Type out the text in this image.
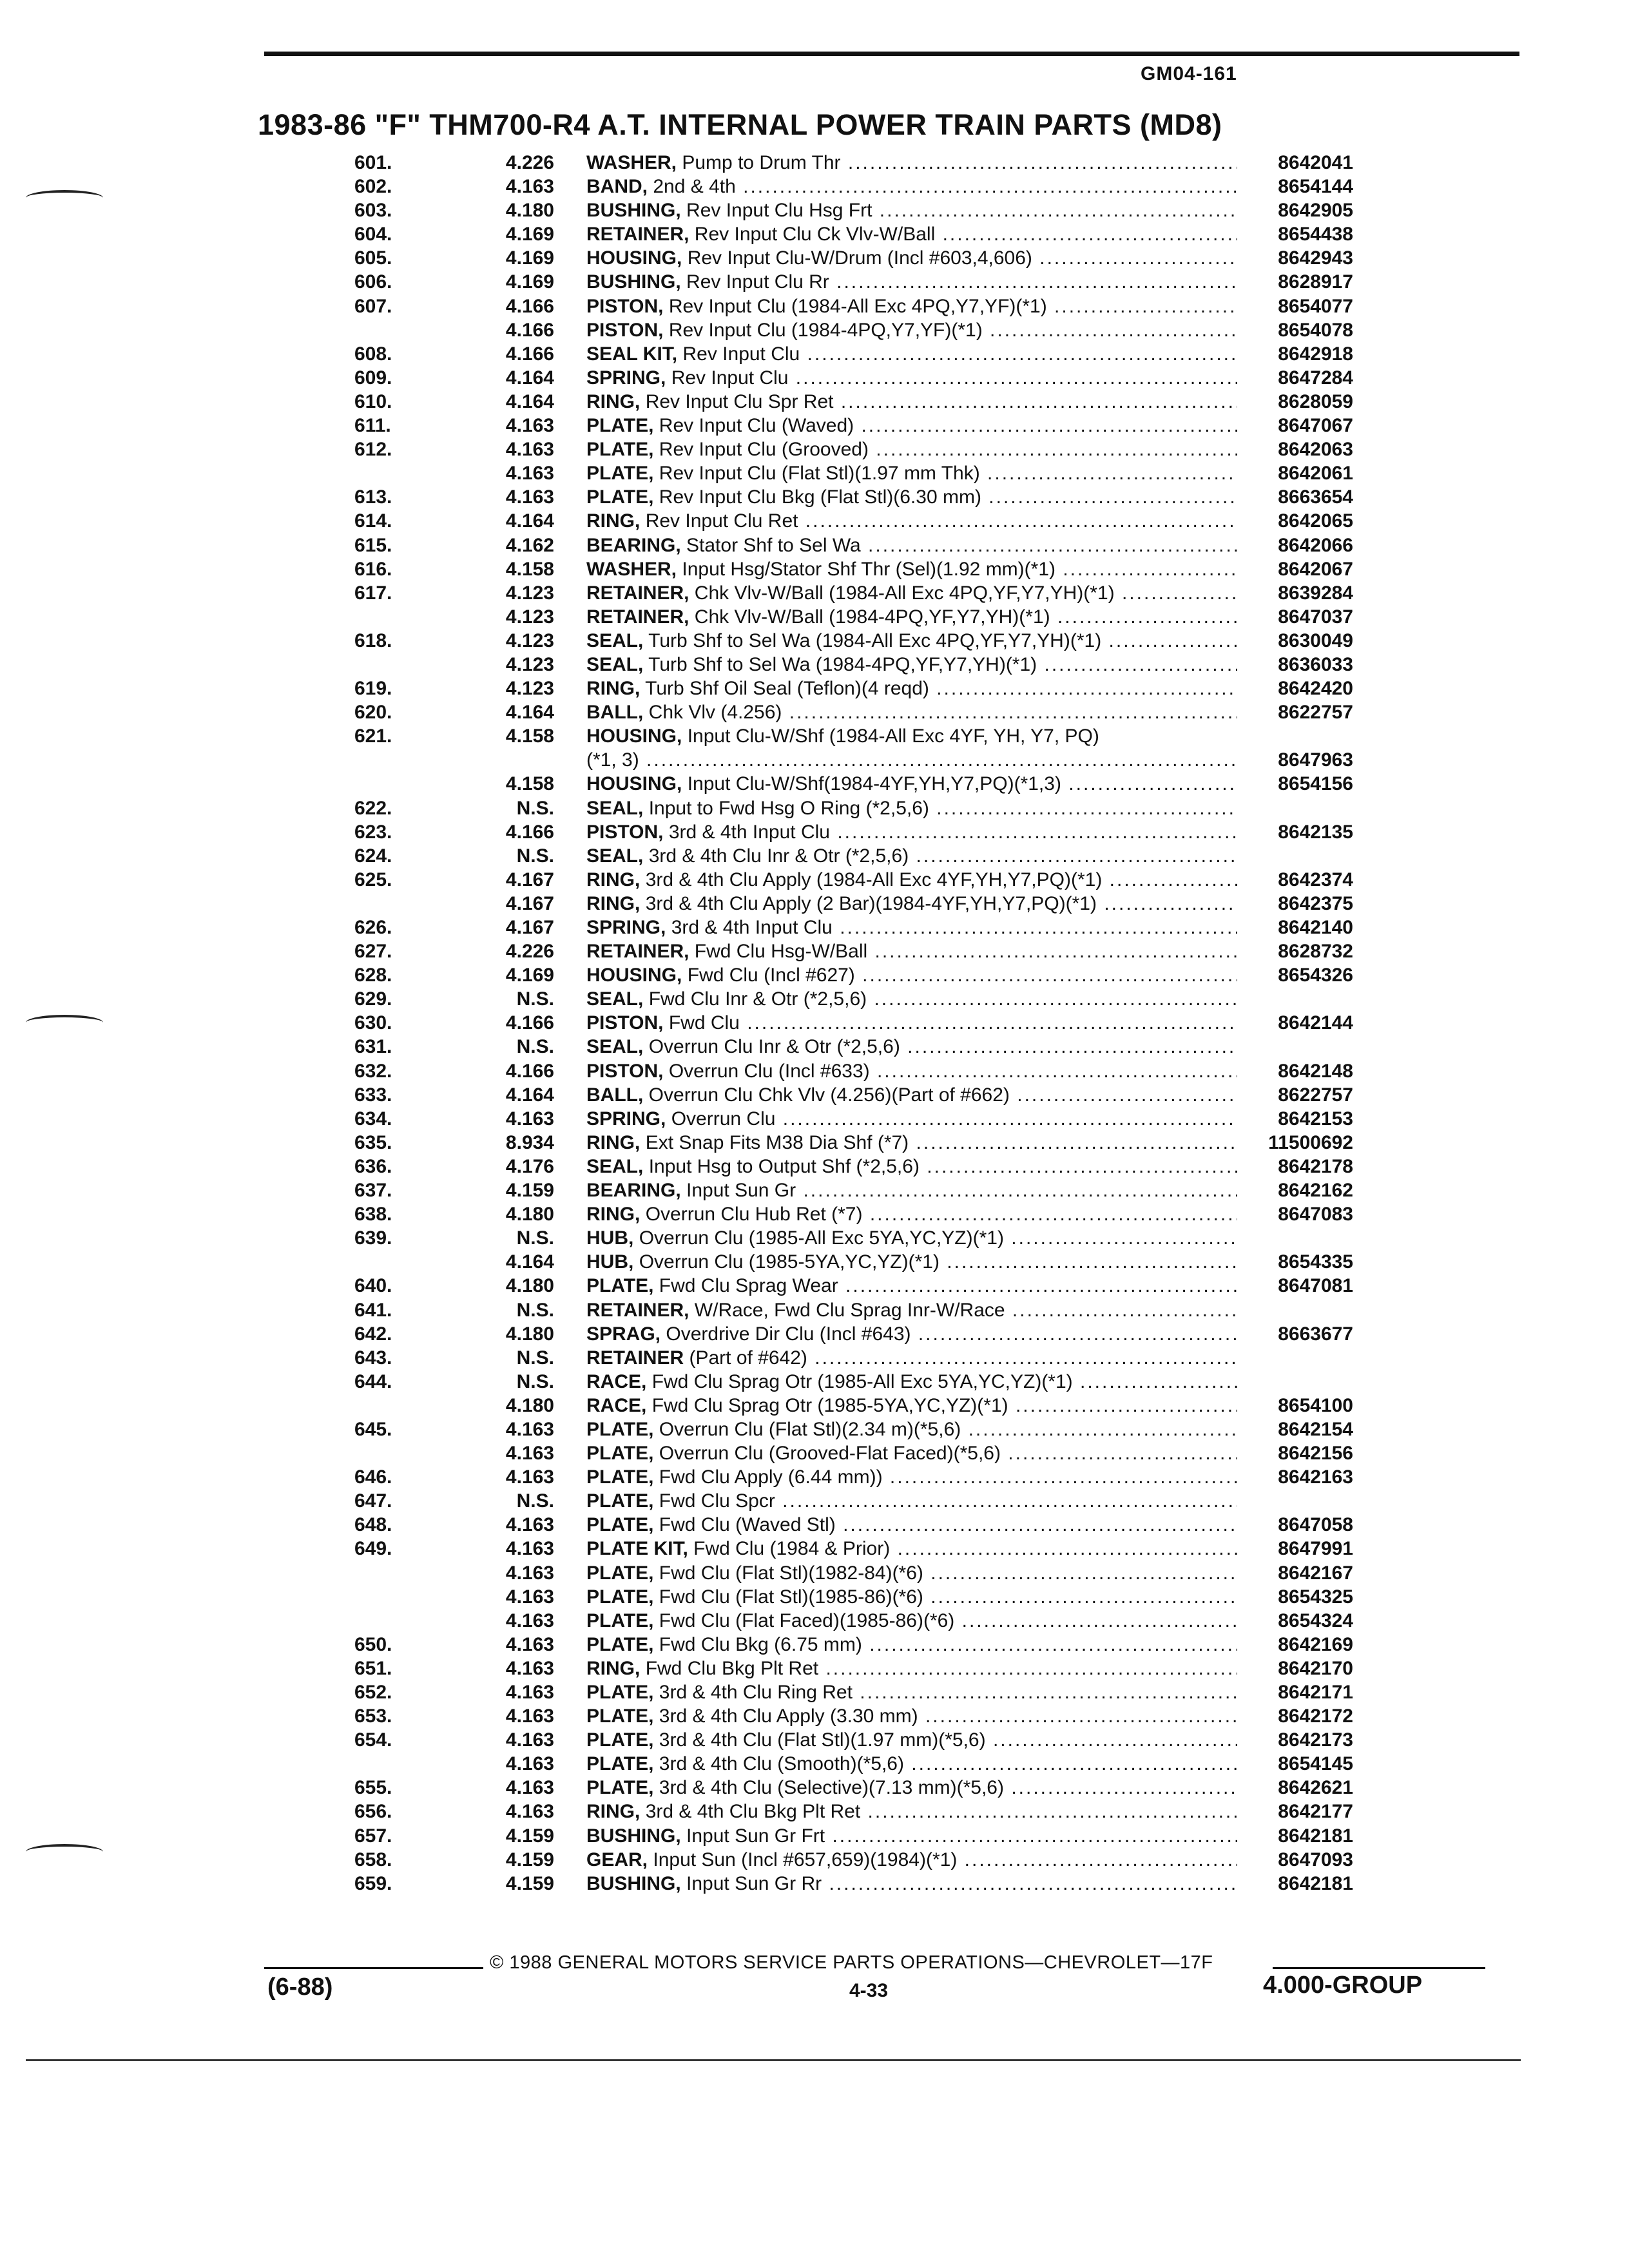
GM04-161
1983-86 "F" THM700-R4 A.T. INTERNAL POWER TRAIN PARTS (MD8)
601.	4.226 WASHER, Pump to Drum Thr .....	8642041
602.	4.163 BAND, 2nd & 4th .....	8654144
603.	4.180 BUSHING, Rev Input Clu Hsg Frt .....	8642905
604.	4.169 RETAINER, Rev Input Clu Ck Vlv-W/Ball .....	8654438
605.	4.169 HOUSING, Rev Input Clu-W/Drum (Incl #603,4,606) .....	8642943
606.	4.169 BUSHING, Rev Input Clu Rr .....	8628917
607.	4.166 PISTON, Rev Input Clu (1984-All Exc 4PQ,Y7,YF)(*1) .....	8654077
4.166 PISTON, Rev Input Clu (1984-4PQ,Y7,YF)(*1) .....	8654078
608.	4.166 SEAL KIT, Rev Input Clu .....	8642918
609.	4.164 SPRING, Rev Input Clu .....	8647284
610.	4.164 RING, Rev Input Clu Spr Ret .....	8628059
611.	4.163 PLATE, Rev Input Clu (Waved) .....	8647067
612.	4.163 PLATE, Rev Input Clu (Grooved) .....	8642063
4.163 PLATE, Rev Input Clu (Flat Stl)(1.97 mm Thk) .....	8642061
613.	4.163 PLATE, Rev Input Clu Bkg (Flat Stl)(6.30 mm) .....	8663654
614.	4.164 RING, Rev Input Clu Ret .....	8642065
615.	4.162 BEARING, Stator Shf to Sel Wa .....	8642066
616.	4.158 WASHER, Input Hsg/Stator Shf Thr (Sel)(1.92 mm)(*1) .....	8642067
617.	4.123 RETAINER, Chk Vlv-W/Ball (1984-All Exc 4PQ,YF,Y7,YH)(*1) .....	8639284
4.123 RETAINER, Chk Vlv-W/Ball (1984-4PQ,YF,Y7,YH)(*1) .....	8647037
618.	4.123 SEAL, Turb Shf to Sel Wa (1984-All Exc 4PQ,YF,Y7,YH)(*1) .....	8630049
4.123 SEAL, Turb Shf to Sel Wa (1984-4PQ,YF,Y7,YH)(*1) .....	8636033
619.	4.123 RING, Turb Shf Oil Seal (Teflon)(4 reqd) .....	8642420
620.	4.164 BALL, Chk Vlv (4.256) .....	8622757
621.	4.158 HOUSING, Input Clu-W/Shf (1984-All Exc 4YF, YH, Y7, PQ)
(*1, 3) .....	8647963
4.158 HOUSING, Input Clu-W/Shf(1984-4YF,YH,Y7,PQ)(*1,3) .....	8654156
622.	N.S. SEAL, Input to Fwd Hsg O Ring (*2,5,6) .....
623.	4.166 PISTON, 3rd & 4th Input Clu .....	8642135
624.	N.S. SEAL, 3rd & 4th Clu Inr & Otr (*2,5,6) .....
625.	4.167 RING, 3rd & 4th Clu Apply (1984-All Exc 4YF,YH,Y7,PQ)(*1) .....	8642374
4.167 RING, 3rd & 4th Clu Apply (2 Bar)(1984-4YF,YH,Y7,PQ)(*1) .....	8642375
626.	4.167 SPRING, 3rd & 4th Input Clu .....	8642140
627.	4.226 RETAINER, Fwd Clu Hsg-W/Ball .....	8628732
628.	4.169 HOUSING, Fwd Clu (Incl #627) .....	8654326
629.	N.S. SEAL, Fwd Clu Inr & Otr (*2,5,6) .....
630.	4.166 PISTON, Fwd Clu .....	8642144
631.	N.S. SEAL, Overrun Clu Inr & Otr (*2,5,6) .....
632.	4.166 PISTON, Overrun Clu (Incl #633) .....	8642148
633.	4.164 BALL, Overrun Clu Chk Vlv (4.256)(Part of #662) .....	8622757
634.	4.163 SPRING, Overrun Clu .....	8642153
635.	8.934 RING, Ext Snap Fits M38 Dia Shf (*7) .....	11500692
636.	4.176 SEAL, Input Hsg to Output Shf (*2,5,6) .....	8642178
637.	4.159 BEARING, Input Sun Gr .....	8642162
638.	4.180 RING, Overrun Clu Hub Ret (*7) .....	8647083
639.	N.S. HUB, Overrun Clu (1985-All Exc 5YA,YC,YZ)(*1) .....
4.164 HUB, Overrun Clu (1985-5YA,YC,YZ)(*1) .....	8654335
640.	4.180 PLATE, Fwd Clu Sprag Wear .....	8647081
641.	N.S. RETAINER, W/Race, Fwd Clu Sprag Inr-W/Race .....
642.	4.180 SPRAG, Overdrive Dir Clu (Incl #643) .....	8663677
643.	N.S. RETAINER (Part of #642) .....
644.	N.S. RACE, Fwd Clu Sprag Otr (1985-All Exc 5YA,YC,YZ)(*1) .....
4.180 RACE, Fwd Clu Sprag Otr (1985-5YA,YC,YZ)(*1) .....	8654100
645.	4.163 PLATE, Overrun Clu (Flat Stl)(2.34 m)(*5,6) .....	8642154
4.163 PLATE, Overrun Clu (Grooved-Flat Faced)(*5,6) .....	8642156
646.	4.163 PLATE, Fwd Clu Apply (6.44 mm)) .....	8642163
647.	N.S. PLATE, Fwd Clu Spcr .....
648.	4.163 PLATE, Fwd Clu (Waved Stl) .....	8647058
649.	4.163 PLATE KIT, Fwd Clu (1984 & Prior) .....	8647991
4.163 PLATE, Fwd Clu (Flat Stl)(1982-84)(*6) .....	8642167
4.163 PLATE, Fwd Clu (Flat Stl)(1985-86)(*6) .....	8654325
4.163 PLATE, Fwd Clu (Flat Faced)(1985-86)(*6) .....	8654324
650.	4.163 PLATE, Fwd Clu Bkg (6.75 mm) .....	8642169
651.	4.163 RING, Fwd Clu Bkg Plt Ret .....	8642170
652.	4.163 PLATE, 3rd & 4th Clu Ring Ret .....	8642171
653.	4.163 PLATE, 3rd & 4th Clu Apply (3.30 mm) .....	8642172
654.	4.163 PLATE, 3rd & 4th Clu (Flat Stl)(1.97 mm)(*5,6) .....	8642173
4.163 PLATE, 3rd & 4th Clu (Smooth)(*5,6) .....	8654145
655.	4.163 PLATE, 3rd & 4th Clu (Selective)(7.13 mm)(*5,6) .....	8642621
656.	4.163 RING, 3rd & 4th Clu Bkg Plt Ret .....	8642177
657.	4.159 BUSHING, Input Sun Gr Frt .....	8642181
658.	4.159 GEAR, Input Sun (Incl #657,659)(1984)(*1) .....	8647093
659.	4.159 BUSHING, Input Sun Gr Rr .....	8642181
© 1988 GENERAL MOTORS SERVICE PARTS OPERATIONS—CHEVROLET—17F
(6-88)	4-33	4.000-GROUP
